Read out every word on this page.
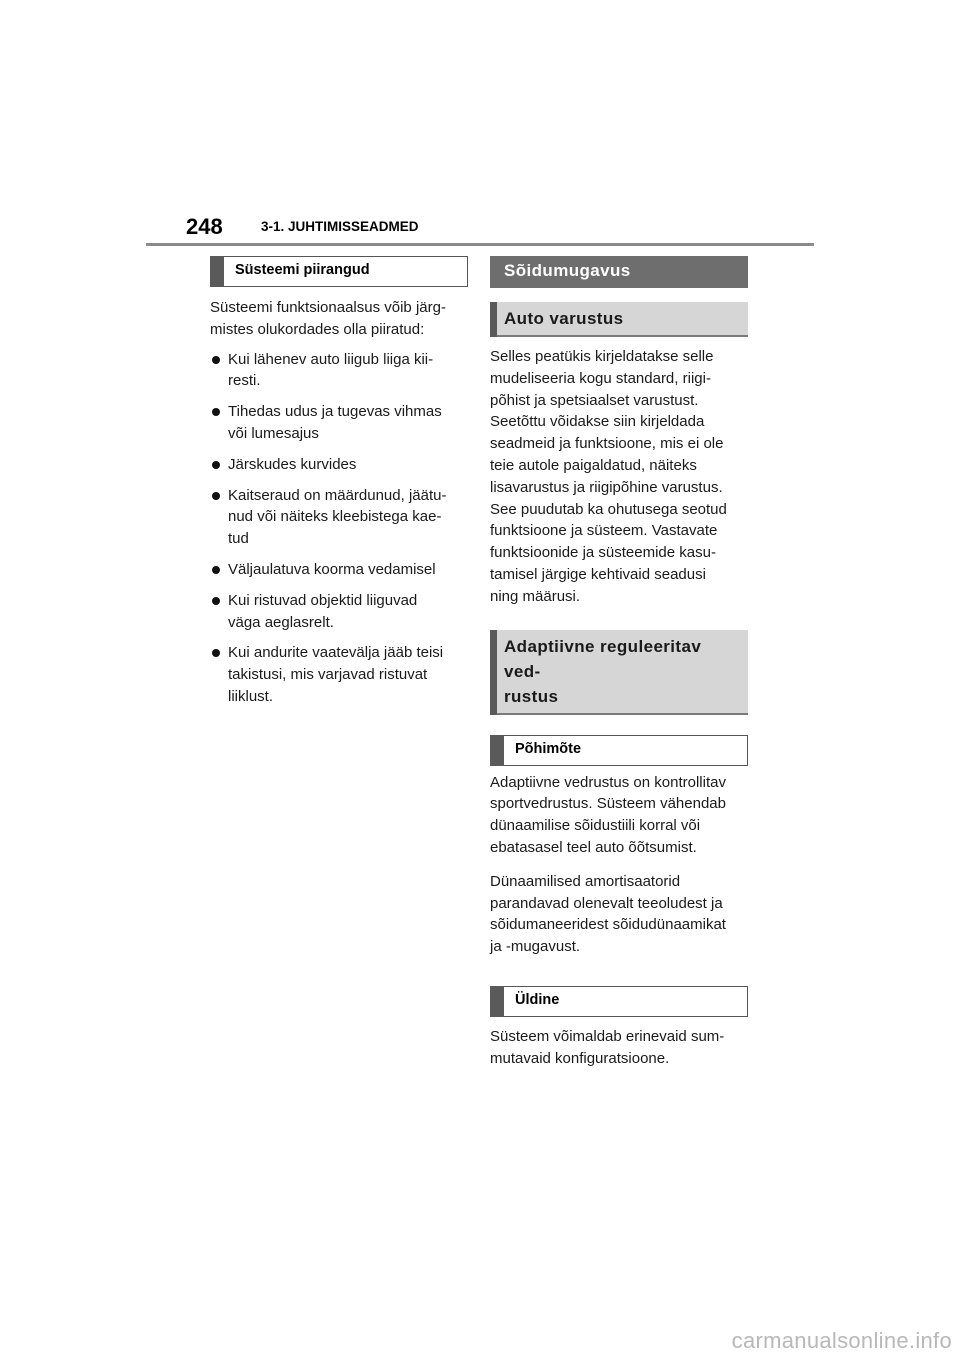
248	3-1. JUHTIMISSEADMED
Süsteemi piirangud

Süsteemi funktsionaalsus võib järg-

mistes olukordades olla piiratud:

Kui lähenev auto liigub liiga kii-
resti.
Tihedas udus ja tugevas vihmas
või lumesajus
Järskudes kurvides
Kaitseraud on määrdunud, jäätu-
nud või näiteks kleebistega kae-
tud
Väljaulatuva koorma vedamisel
Kui ristuvad objektid liiguvad
väga aeglasrelt.
Kui andurite vaatevälja jääb teisi
takistusi, mis varjavad ristuvat
liiklust.
Sõidumugavus
Auto varustus

Selles peatükis kirjeldatakse selle

mudeliseeria kogu standard, riigi-

põhist ja spetsiaalset varustust.

Seetõttu võidakse siin kirjeldada

seadmeid ja funktsioone, mis ei ole

teie autole paigaldatud, näiteks

lisavarustus ja riigipõhine varustus.

See puudutab ka ohutusega seotud

funktsioone ja süsteem. Vastavate

funktsioonide ja süsteemide kasu-

tamisel järgige kehtivaid seadusi

ning määrusi.

Adaptiivne reguleeritav ved-
rustus
Põhimõte

Adaptiivne vedrustus on kontrollitav

sportvedrustus. Süsteem vähendab

dünaamilise sõidustiili korral või

ebatasasel teel auto õõtsumist.

Dünaamilised amortisaatorid

parandavad olenevalt teeoludest ja

sõidumaneeridest sõidudünaamikat

ja -mugavust.

Üldine

Süsteem võimaldab erinevaid sum-

mutavaid konfiguratsioone.

carmanualsonline.info
